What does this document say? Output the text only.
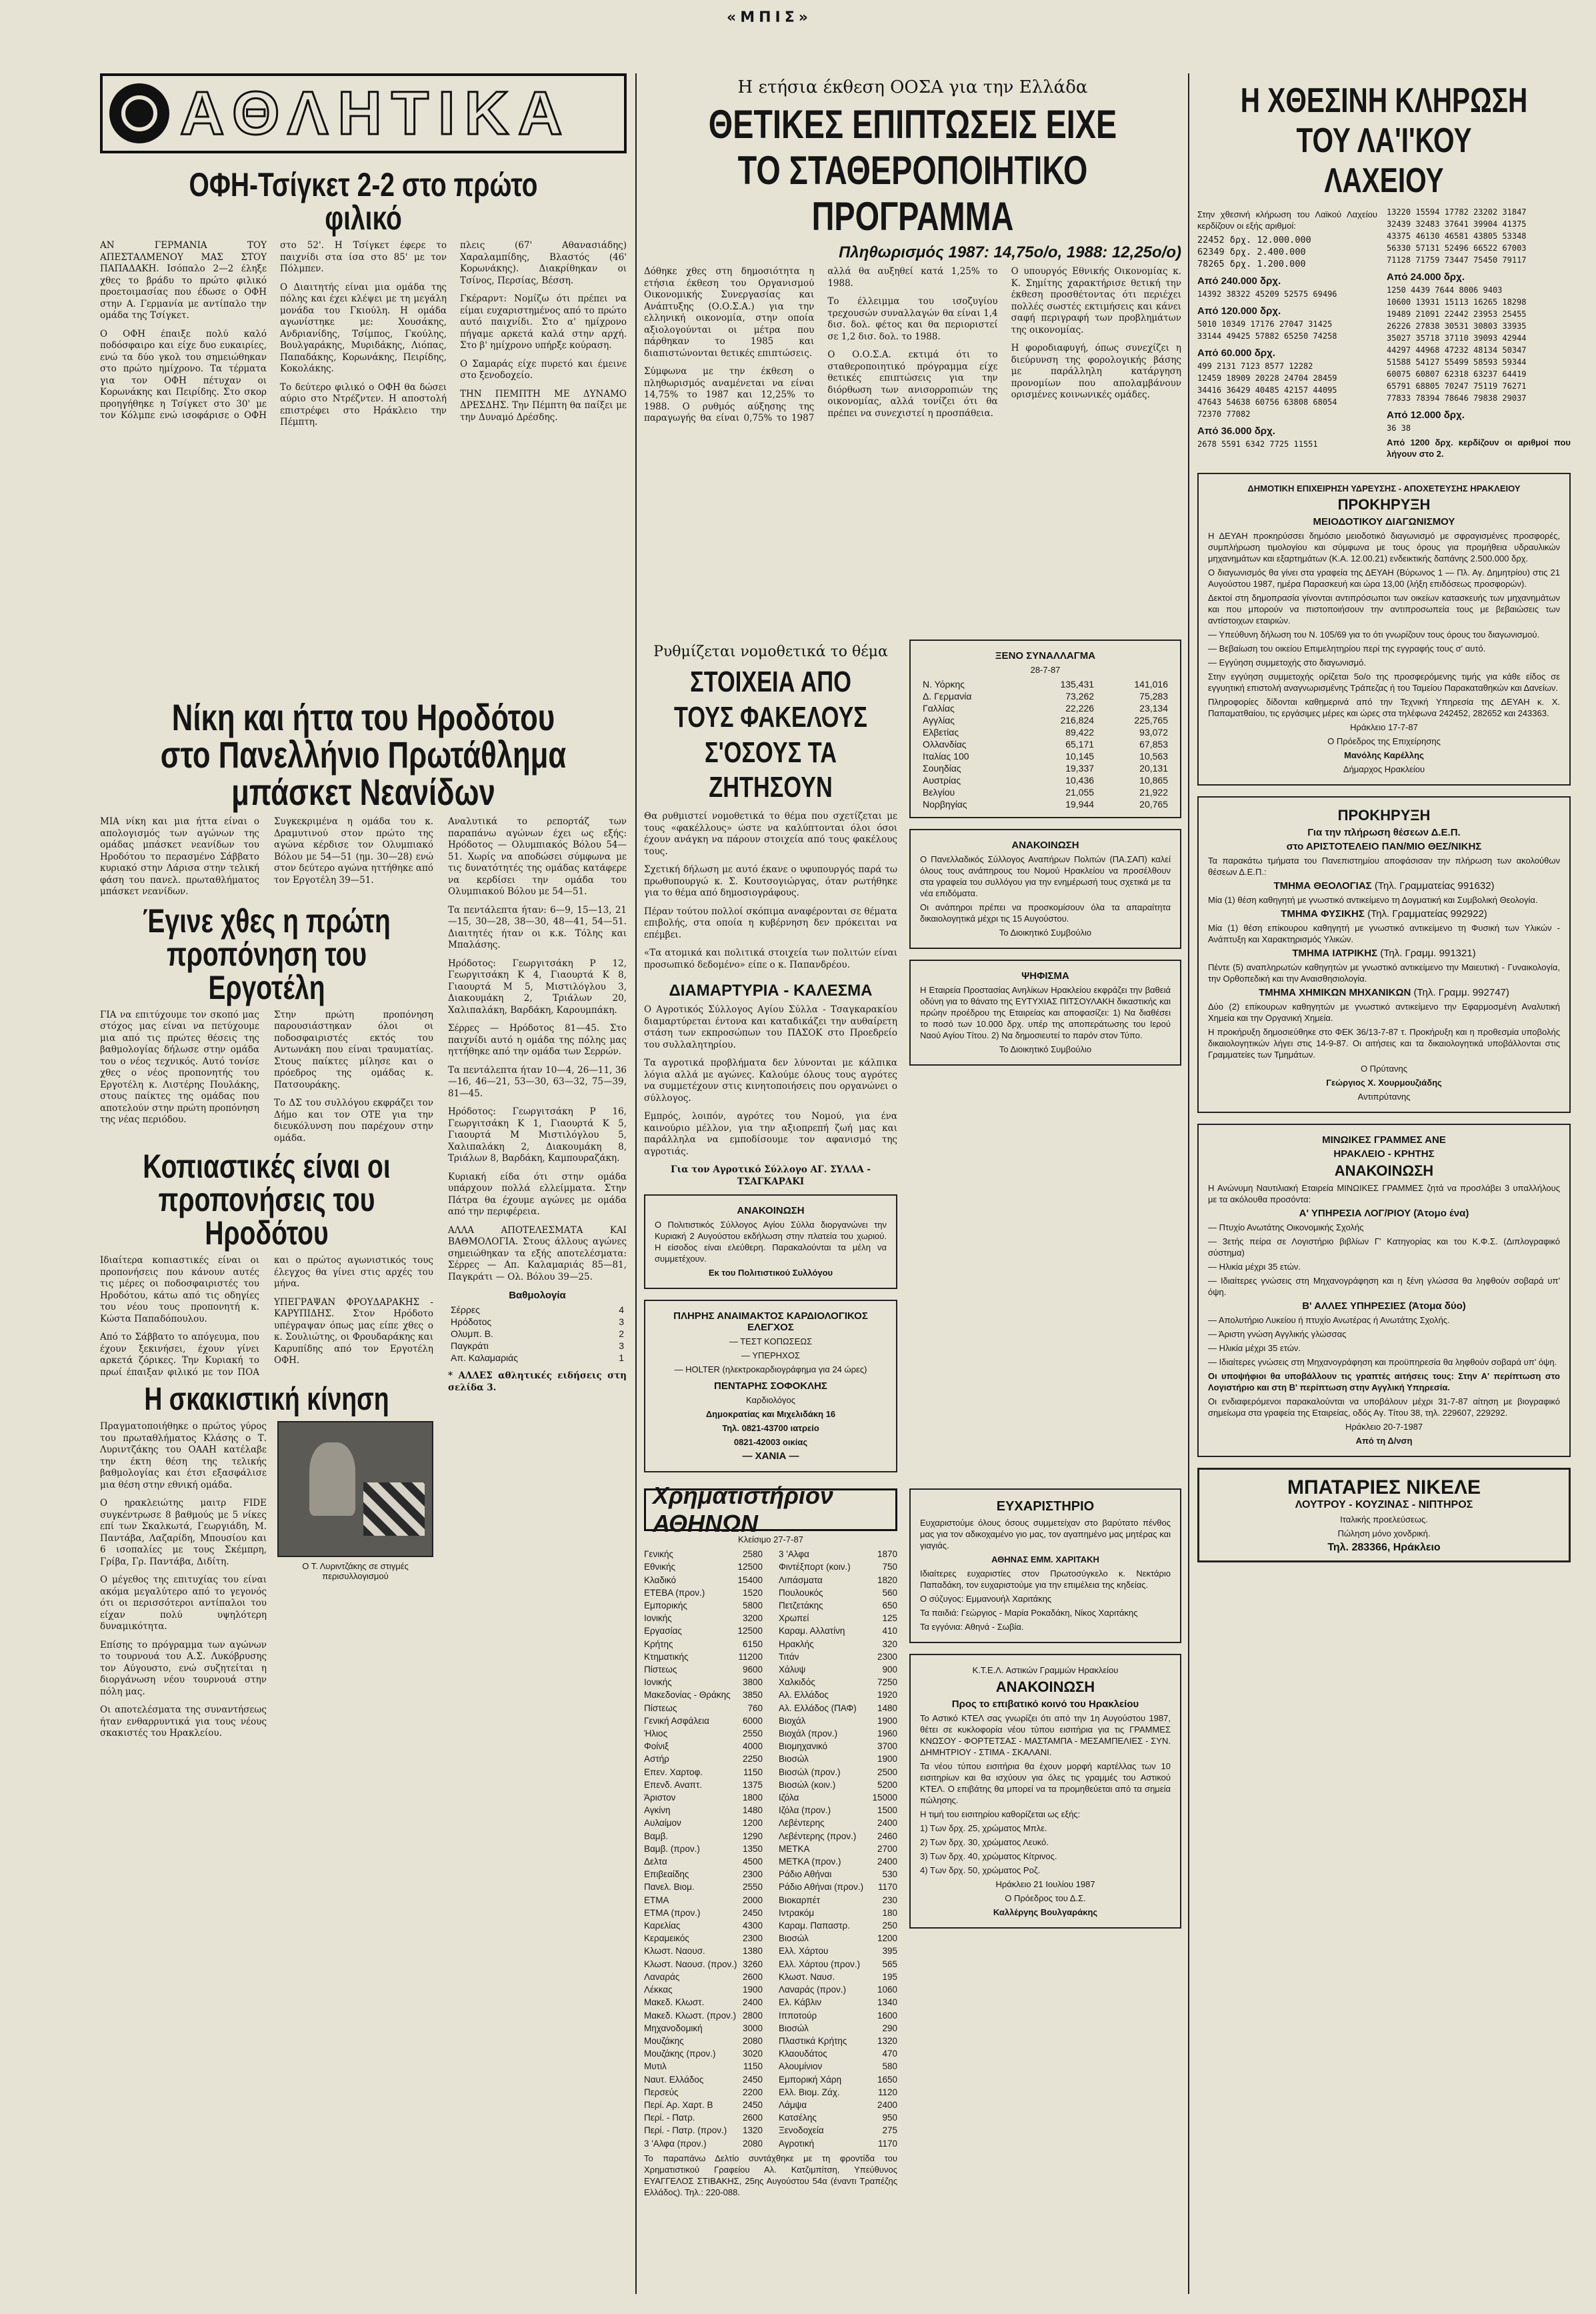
«ΜΠΙΣ»
ΑΘΛΗΤΙΚΑ
ΟΦΗ-Τσίγκετ 2-2 στο πρώτο φιλικό

ΑΝ ΓΕΡΜΑΝΙΑ ΤΟΥ ΑΠΕΣΤΑΛΜΕΝΟΥ ΜΑΣ ΣΤΟΥ ΠΑΠΑΔΑΚΗ. Ισόπαλο 2—2 έληξε χθες το βράδυ το πρώτο φιλικό προετοιμασίας που έδωσε ο ΟΦΗ στην Α. Γερμανία με αντίπαλο την ομάδα της Τσίγκετ.

Ο ΟΦΗ έπαιξε πολύ καλό ποδόσφαιρο και είχε δυο ευκαιρίες, ενώ τα δύο γκολ του σημειώθηκαν στο πρώτο ημίχρονο. Τα τέρματα για τον ΟΦΗ πέτυχαν οι Κορωνάκης και Πειρίδης. Στο σκορ προηγήθηκε η Τσίγκετ στο 30' με τον Κόλμπε ενώ ισοφάρισε ο ΟΦΗ στο 52'. Η Τσίγκετ έφερε το παιχνίδι στα ίσα στο 85' με τον Πόλμπεν.

Ο Διαιτητής είναι μια ομάδα της πόλης και έχει κλέψει με τη μεγάλη μονάδα του Γκιούλη. Η ομάδα αγωνίστηκε με: Χουσάκης, Ανδριανίδης, Τσίμπος, Γκούλης, Βουλγαράκης, Μυριδάκης, Λιόπας, Παπαδάκης, Κορωνάκης, Πειρίδης, Κοκολάκης.

Το δεύτερο φιλικό ο ΟΦΗ θα δώσει αύριο στο Ντρέζντεν. Η αποστολή επιστρέφει στο Ηράκλειο την Πέμπτη.

πλεις (67' Αθανασιάδης) Χαραλαμπίδης, Βλαστός (46' Κορωνάκης). Διακρίθηκαν οι Τσίνος, Περσίας, Βέσση.

Γκέραρντ: Νομίζω ότι πρέπει να είμαι ευχαριστημένος από το πρώτο αυτό παιχνίδι. Στο α' ημίχρονο πήγαμε αρκετά καλά στην αρχή. Στο β' ημίχρονο υπήρξε κούραση.

Ο Σαμαράς είχε πυρετό και έμεινε στο ξενοδοχείο.

ΤΗΝ ΠΕΜΠΤΗ ΜΕ ΔΥΝΑΜΟ ΔΡΕΣΔΗΣ. Την Πέμπτη θα παίξει με την Δυναμό Δρέσδης.

Νίκη και ήττα του Ηροδότου στο Πανελλήνιο Πρωτάθλημα μπάσκετ Νεανίδων

ΜΙΑ νίκη και μια ήττα είναι ο απολογισμός των αγώνων της ομάδας μπάσκετ νεανίδων του Ηροδότου το περασμένο Σάββατο κυριακό στην Λάρισα στην τελική φάση του πανελ. πρωταθλήματος μπάσκετ νεανίδων.

Συγκεκριμένα η ομάδα του κ. Δραμυτινού στον πρώτο της αγώνα κέρδισε τον Ολυμπιακό Βόλου με 54—51 (ημ. 30—28) ενώ στον δεύτερο αγώνα ηττήθηκε από τον Εργοτέλη 39—51.

Έγινε χθες η πρώτη προπόνηση του Εργοτέλη

ΓΙΑ να επιτύχουμε τον σκοπό μας στόχος μας είναι να πετύχουμε μια από τις πρώτες θέσεις της βαθμολογίας δήλωσε στην ομάδα του ο νέος τεχνικός. Αυτό τονίσε χθες ο νέος προπονητής του Εργοτέλη κ. Λιστέρης Πουλάκης, στους παίκτες της ομάδας που αποτελούν στην πρώτη προπόνηση της νέας περιόδου.

Στην πρώτη προπόνηση παρουσιάστηκαν όλοι οι ποδοσφαιριστές εκτός του Αντωνάκη που είναι τραυματίας. Στους παίκτες μίλησε και ο πρόεδρος της ομάδας κ. Πατσουράκης.

Το ΔΣ του συλλόγου εκφράζει τον Δήμο και τον ΟΤΕ για την διευκόλυνση που παρέχουν στην ομάδα.

Κοπιαστικές είναι οι προπονήσεις του Ηροδότου

Ιδιαίτερα κοπιαστικές είναι οι προπονήσεις που κάνουν αυτές τις μέρες οι ποδοσφαιριστές του Ηροδότου, κάτω από τις οδηγίες του νέου τους προπονητή κ. Κώστα Παπαδόπουλου.

Από το Σάββατο το απόγευμα, που έχουν ξεκινήσει, έχουν γίνει αρκετά ζόρικες. Την Κυριακή το πρωί έπαιξαν φιλικό με τον ΠΟΑ και ο πρώτος αγωνιστικός τους έλεγχος θα γίνει στις αρχές του μήνα.

ΥΠΕΓΡΑΨΑΝ ΦΡΟΥΔΑΡΑΚΗΣ - ΚΑΡΥΠΙΔΗΣ. Στον Ηρόδοτο υπέγραψαν όπως μας είπε χθες ο κ. Σουλιώτης, οι Φρουδαράκης και Καρυπίδης από τον Εργοτέλη ΟΦΗ.

Η σκακιστική κίνηση

Πραγματοποιήθηκε ο πρώτος γύρος του πρωταθλήματος Κλάσης ο Τ. Λυριντζάκης του ΟΑΑΗ κατέλαβε την έκτη θέση της τελικής βαθμολογίας και έτσι εξασφάλισε μια θέση στην εθνική ομάδα.

Ο ηρακλειώτης μαιτρ FIDE συγκέντρωσε 8 βαθμούς με 5 νίκες επί των Σκαλκωτά, Γεωργιάδη, Μ. Παντάβα, Λαζαρίδη, Μπουσίου και 6 ισοπαλίες με τους Σκέμπρη, Γρίβα, Γρ. Παντάβα, Διδίτη.

Ο μέγεθος της επιτυχίας του είναι ακόμα μεγαλύτερο από το γεγονός ότι οι περισσότεροι αντίπαλοι του είχαν πολύ υψηλότερη δυναμικότητα.

Επίσης το πρόγραμμα των αγώνων το τουρνουά του Α.Σ. Λυκόβρυσης τον Αύγουστο, ενώ συζητείται η διοργάνωση νέου τουρνουά στην πόλη μας.

Οι αποτελέσματα της συναντήσεως ήταν ενθαρρυντικά για τους νέους σκακιστές του Ηρακλείου.

Ο Τ. Λυριντζάκης σε στιγμές περισυλλογισμού

Αναλυτικά το ρεπορτάζ των παραπάνω αγώνων έχει ως εξής: Ηρόδοτος — Ολυμπιακός Βόλου 54—51. Χωρίς να αποδώσει σύμφωνα με τις δυνατότητές της ομάδας κατάφερε να κερδίσει την ομάδα του Ολυμπιακού Βόλου με 54—51.

Τα πεντάλεπτα ήταν: 6—9, 15—13, 21—15, 30—28, 38—30, 48—41, 54—51. Διαιτητές ήταν οι κ.κ. Τόλης και Μπαλάσης.

Ηρόδοτος: Γεωργιτσάκη Ρ 12, Γεωργιτσάκη Κ 4, Γιαουρτά Κ 8, Γιαουρτά Μ 5, Μιστιλόγλου 3, Διακουμάκη 2, Τριάλων 20, Χαλιπαλάκη, Βαρδάκη, Καρουμπάκη.

Σέρρες — Ηρόδοτος 81—45. Στο παιχνίδι αυτό η ομάδα της πόλης μας ηττήθηκε από την ομάδα των Σερρών.

Τα πεντάλεπτα ήταν 10—4, 26—11, 36—16, 46—21, 53—30, 63—32, 75—39, 81—45.

Ηρόδοτος: Γεωργιτσάκη Ρ 16, Γεωργιτσάκη Κ 1, Γιαουρτά Κ 5, Γιαουρτά Μ Μιστιλόγλου 5, Χαλιπαλάκη 2, Διακουμάκη 8, Τριάλων 8, Βαρδάκη, Καμπουραζάκη.

Κυριακή είδα ότι στην ομάδα υπάρχουν πολλά ελλείμματα. Στην Πάτρα θα έχουμε αγώνες με ομάδα από την περιφέρεια.

ΑΛΛΑ ΑΠΟΤΕΛΕΣΜΑΤΑ ΚΑΙ ΒΑΘΜΟΛΟΓΙΑ. Στους άλλους αγώνες σημειώθηκαν τα εξής αποτελέσματα: Σέρρες — Απ. Καλαμαριάς 85—81, Παγκράτι — Ολ. Βόλου 39—25.

Βαθμολογία
Σέρρες	4
Ηρόδοτος	3
Ολυμπ. Β.	2
Παγκράτι	3
Απ. Καλαμαριάς	1

* ΑΛΛΕΣ αθλητικές ειδήσεις στη σελίδα 3.

Η ετήσια έκθεση ΟΟΣΑ για την Ελλάδα
ΘΕΤΙΚΕΣ ΕΠΙΠΤΩΣΕΙΣ ΕΙΧΕ ΤΟ ΣΤΑΘΕΡΟΠΟΙΗΤΙΚΟ ΠΡΟΓΡΑΜΜΑ
Πληθωρισμός 1987: 14,75ο/ο, 1988: 12,25ο/ο)

Δόθηκε χθες στη δημοσιότητα η ετήσια έκθεση του Οργανισμού Οικονομικής Συνεργασίας και Ανάπτυξης (Ο.Ο.Σ.Α.) για την ελληνική οικονομία, στην οποία αξιολογούνται οι μέτρα που πάρθηκαν το 1985 και διαπιστώνονται θετικές επιπτώσεις.

Σύμφωνα με την έκθεση ο πληθωρισμός αναμένεται να είναι 14,75% το 1987 και 12,25% το 1988. Ο ρυθμός αύξησης της παραγωγής θα είναι 0,75% το 1987 αλλά θα αυξηθεί κατά 1,25% το 1988.

Το έλλειμμα του ισοζυγίου τρεχουσών συναλλαγών θα είναι 1,4 δισ. δολ. φέτος και θα περιοριστεί σε 1,2 δισ. δολ. το 1988.

Ο Ο.Ο.Σ.Α. εκτιμά ότι το σταθεροποιητικό πρόγραμμα είχε θετικές επιπτώσεις για την διόρθωση των ανισορροπιών της οικονομίας, αλλά τονίζει ότι θα πρέπει να συνεχιστεί η προσπάθεια.

Ο υπουργός Εθνικής Οικονομίας κ. Κ. Σημίτης χαρακτήρισε θετική την έκθεση προσθέτοντας ότι περιέχει πολλές σωστές εκτιμήσεις και κάνει σαφή περιγραφή των προβλημάτων της οικονομίας.

Η φοροδιαφυγή, όπως συνεχίζει η διεύρυνση της φορολογικής βάσης με παράλληλη κατάργηση προνομίων που απολαμβάνουν ορισμένες κοινωνικές ομάδες.

Ρυθμίζεται νομοθετικά το θέμα
ΣΤΟΙΧΕΙΑ ΑΠΟ ΤΟΥΣ ΦΑΚΕΛΟΥΣ Σ'ΟΣΟΥΣ ΤΑ ΖΗΤΗΣΟΥΝ

Θα ρυθμιστεί νομοθετικά το θέμα που σχετίζεται με τους «φακέλλους» ώστε να καλύπτονται όλοι όσοι έχουν ανάγκη να πάρουν στοιχεία από τους φακέλους τους.

Σχετική δήλωση με αυτό έκανε ο υφυπουργός παρά τω πρωθυπουργώ κ. Σ. Κουτσογιώργας, όταν ρωτήθηκε για το θέμα από δημοσιογράφους.

Πέραν τούτου πολλοί σκόπιμα αναφέρονται σε θέματα επιβολής, στα οποία η κυβέρνηση δεν πρόκειται να επέμβει.

«Τα ατομικά και πολιτικά στοιχεία των πολιτών είναι προσωπικό δεδομένο» είπε ο κ. Παπανδρέου.

ΔΙΑΜΑΡΤΥΡΙΑ - ΚΑΛΕΣΜΑ

Ο Αγροτικός Σύλλογος Αγίου Σύλλα - Τσαγκαρακίου διαμαρτύρεται έντονα και καταδικάζει την αυθαίρετη στάση των εκπροσώπων του ΠΑΣΟΚ στο Προεδρείο του συλλαλητηρίου.

Τα αγροτικά προβλήματα δεν λύνονται με κάλπικα λόγια αλλά με αγώνες. Καλούμε όλους τους αγρότες να συμμετέχουν στις κινητοποιήσεις που οργανώνει ο σύλλογος.

Εμπρός, λοιπόν, αγρότες του Νομού, για ένα καινούριο μέλλον, για την αξιοπρεπή ζωή μας και παράλληλα να εμποδίσουμε τον αφανισμό της αγροτιάς.

Για τον Αγροτικό Σύλλογο ΑΓ. ΣΥΛΛΑ - ΤΣΑΓΚΑΡΑΚΙ

ΑΝΑΚΟΙΝΩΣΗ

Ο Πολιτιστικός Σύλλογος Αγίου Σύλλα διοργανώνει την Κυριακή 2 Αυγούστου εκδήλωση στην πλατεία του χωριού. Η είσοδος είναι ελεύθερη. Παρακαλούνται τα μέλη να συμμετέχουν.

Εκ του Πολιτιστικού Συλλόγου

ΠΛΗΡΗΣ ΑΝΑΙΜΑΚΤΟΣ ΚΑΡΔΙΟΛΟΓΙΚΟΣ ΕΛΕΓΧΟΣ
— ΤΕΣΤ ΚΟΠΩΣΕΩΣ
— ΥΠΕΡΗΧΟΣ
— HOLTER (ηλεκτροκαρδιογράφημα για 24 ώρες)
ΠΕΝΤΑΡΗΣ ΣΟΦΟΚΛΗΣ
Καρδιολόγος
Δημοκρατίας και Μιχελιδάκη 16
Τηλ. 0821-43700 ιατρείο
0821-42003 οικίας
— ΧΑΝΙΑ —
ΞΕΝΟ ΣΥΝΑΛΛΑΓΜΑ
28-7-87
Ν. Υόρκης	135,431	141,016
Δ. Γερμανία	73,262	75,283
Γαλλίας	22,226	23,134
Αγγλίας	216,824	225,765
Ελβετίας	89,422	93,072
Ολλανδίας	65,171	67,853
Ιταλίας 100	10,145	10,563
Σουηδίας	19,337	20,131
Αυστρίας	10,436	10,865
Βελγίου	21,055	21,922
Νορβηγίας	19,944	20,765
ΑΝΑΚΟΙΝΩΣΗ

Ο Πανελλαδικός Σύλλογος Αναπήρων Πολιτών (ΠΑ.ΣΑΠ) καλεί όλους τους ανάπηρους του Νομού Ηρακλείου να προσέλθουν στα γραφεία του συλλόγου για την ενημέρωσή τους σχετικά με τα νέα επιδόματα.

Οι ανάπηροι πρέπει να προσκομίσουν όλα τα απαραίτητα δικαιολογητικά μέχρι τις 15 Αυγούστου.

Το Διοικητικό Συμβούλιο

ΨΗΦΙΣΜΑ

Η Εταιρεία Προστασίας Ανηλίκων Ηρακλείου εκφράζει την βαθειά οδύνη για το θάνατο της ΕΥΤΥΧΙΑΣ ΠΙΤΣΟΥΛΑΚΗ δικαστικής και πρώην προέδρου της Εταιρείας και αποφασίζει: 1) Να διαθέσει το ποσό των 10.000 δρχ. υπέρ της αποπεράτωσης του Ιερού Ναού Αγίου Τίτου. 2) Να δημοσιευτεί το παρόν στον Τύπο.

Το Διοικητικό Συμβούλιο

Χρηματιστήριον ΑΘΗΝΩΝ
Κλείσιμο 27-7-87
Γενικής	2580
Εθνικής	12500
Κλαδικό	15400
ΕΤΕΒΑ (προν.)	1520
Εμπορικής	5800
Ιονικής	3200
Εργασίας	12500
Κρήτης	6150
Κτηματικής	11200
Πίστεως	9600
Ιονικής	3800
Μακεδονίας - Θράκης 3850
Πίστεως	760
Γενική Ασφάλεια	6000
Ήλιος	2550
Φοίνιξ	4000
Αστήρ	2250
Επεν. Χαρτοφ.	1150
Επενδ. Αναπτ.	1375
Άριστον	1800
Αγκίνη	1480
Αυλαίμον	1200
Βαμβ.	1290
Βαμβ. (προν.)	1350
Δελτα	4500
Επιβεαίδης	2300
Πανελ. Βιομ.	2550
ΕΤΜΑ	2000
ΕΤΜΑ (προν.)	2450
Καρελίας	4300
Κεραμεικός	2300
Κλωστ. Ναουσ.	1380
Κλωστ. Ναουσ. (προν.) 3260
Λαναράς	2600
Λέκκας	1900
Μακεδ. Κλωστ.	2400
Μακεδ. Κλωστ. (προν.) 2800
Μηχανοδομική	3000
Μουζάκης	2080
Μουζάκης (προν.)	3020
Μυτιλ	1150
Ναυτ. Ελλάδος	2450
Περσεύς	2200
Περί. Αρ. Χαρτ. Β	2450
Περί. - Πατρ.	2600
Περί. - Πατρ. (προν.) 1320
3 'Αλφα (προν.)	2080
3 'Αλφα	1870
Φιντέξπορτ (κοιν.)	750
Λιπάσματα	1820
Πουλουκός	560
Πετζετάκης	650
Χρωπεί	125
Καραμ. Αλλατίνη	410
Ηρακλής	320
Τιτάν	2300
Χάλυψ	900
Χαλκιδός	7250
Αλ. Ελλάδος	1920
Αλ. Ελλάδος (ΠΑΦ) 1480
Βιοχάλ	1900
Βιοχάλ (προν.)	1960
Βιομηχανικό	3700
Βιοσώλ	1900
Βιοσώλ (προν.)	2500
Βιοσώλ (κοιν.)	5200
Ιζόλα	15000
Ιζόλα (προν.)	1500
Λεβέντερης	2400
Λεβέντερης (προν.) 2460
ΜΕΤΚΑ	2700
ΜΕΤΚΑ (προν.)	2400
Ράδιο Αθήναι	530
Ράδιο Αθήναι (προν.) 1170
Βιοκαρπέτ	230
Ιντρακόμ	180
Καραμ. Παπαστρ.	250
Βιοσώλ	1200
Ελλ. Χάρτου	395
Ελλ. Χάρτου (προν.) 565
Κλωστ. Ναυσ.	195
Λαναράς (προν.)	1060
Ελ. Κάβλιν	1340
Ιπποτούρ	1600
Βιοσώλ	290
Πλαστικά Κρήτης	1320
Κλαουδάτος	470
Αλουμίνιον	580
Εμπορική Χάρη	1650
Ελλ. Βιομ. Ζάχ.	1120
Λάμψα	2400
Κατσέλης	950
Ξενοδοχεία	275
Αγροτική	1170

Το παραπάνω Δελτίο συντάχθηκε με τη φροντίδα του Χρηματιστικού Γραφείου Αλ. Κατζιμπίτση, Υπεύθυνος ΕΥΑΓΓΕΛΟΣ ΣΤΙΒΑΚΗΣ, 25ης Αυγούστου 54α (έναντι Τραπέζης Ελλάδος). Τηλ.: 220-088.

ΕΥΧΑΡΙΣΤΗΡΙΟ

Ευχαριστούμε όλους όσους συμμετείχαν στο βαρύτατο πένθος μας για τον αδικοχαμένο γιο μας, τον αγαπημένο μας μητέρας και γιαγιάς.

ΑΘΗΝΑΣ ΕΜΜ. ΧΑΡΙΤΑΚΗ

Ιδιαίτερες ευχαριστίες στον Πρωτοσύγκελο κ. Νεκτάριο Παπαδάκη, τον ευχαριστούμε για την επιμέλεια της κηδείας.

Ο σύζυγος: Εμμανουήλ Χαριτάκης

Τα παιδιά: Γεώργιος - Μαρία Ροκαδάκη, Νίκος Χαριτάκης

Τα εγγόνια: Αθηνά - Σωβία.

Κ.Τ.Ε.Λ. Αστικών Γραμμών Ηρακλείου
ΑΝΑΚΟΙΝΩΣΗ
Προς το επιβατικό κοινό του Ηρακλείου

Το Αστικό ΚΤΕΛ σας γνωρίζει ότι από την 1η Αυγούστου 1987, θέτει σε κυκλοφορία νέου τύπου εισιτήρια για τις ΓΡΑΜΜΕΣ ΚΝΩΣΟΥ - ΦΟΡΤΕΤΣΑΣ - ΜΑΣΤΑΜΠΑ - ΜΕΣΑΜΠΕΛΙΕΣ - ΣΥΝ. ΔΗΜΗΤΡΙΟΥ - ΣΤΙΜΑ - ΣΚΑΛΑΝΙ.

Τα νέου τύπου εισιτήρια θα έχουν μορφή καρτέλλας των 10 εισιτηρίων και θα ισχύουν για όλες τις γραμμές του Αστικού ΚΤΕΛ. Ο επιβάτης θα μπορεί να τα προμηθεύεται από τα σημεία πώλησης.

Η τιμή του εισιτηρίου καθορίζεται ως εξής:

1) Των δρχ. 25, χρώματος Μπλε.

2) Των δρχ. 30, χρώματος Λευκό.

3) Των δρχ. 40, χρώματος Κίτρινος.

4) Των δρχ. 50, χρώματος Ροζ.

Ηράκλειο 21 Ιουλίου 1987

Ο Πρόεδρος του Δ.Σ.

Καλλέργης Βουλγαράκης

Η ΧΘΕΣΙΝΗ ΚΛΗΡΩΣΗ ΤΟΥ ΛΑ'Ι'ΚΟΥ ΛΑΧΕΙΟΥ

Στην χθεσινή κλήρωση του Λαϊκού Λαχείου κερδίζουν οι εξής αριθμοί:

22452 δρχ. 12.000.000
62349 δρχ. 2.400.000
78265 δρχ. 1.200.000
Από 240.000 δρχ.
14392 38322 45209 52575 69496
Από 120.000 δρχ.
5010 10349 17176 27047 31425
33144 49425 57882 65250 74258
Από 60.000 δρχ.
499 2131 7123 8577 12282
12459 18909 20228 24704 28459
34416 36429 40485 42157 44095
47643 54638 60756 63808 68054
72370 77082
Από 36.000 δρχ.
2678 5591 6342 7725 11551
13220 15594 17782 23202 31847
32439 32483 37641 39904 41375
43375 46130 46581 43805 53348
56330 57131 52496 66522 67003
71128 71759 73447 75450 79117
Από 24.000 δρχ.
1250 4439 7644 8006 9403
10600 13931 15113 16265 18298
19489 21091 22442 23953 25455
26226 27838 30531 30803 33935
35027 35718 37110 39093 42944
44297 44968 47232 48134 50347
51588 54127 55499 58593 59344
60075 60807 62318 63237 64419
65791 68805 70247 75119 76271
77833 78394 78646 79838 29037
Από 12.000 δρχ.
36 38

Από 1200 δρχ. κερδίζουν οι αριθμοί που λήγουν στο 2.

ΔΗΜΟΤΙΚΗ ΕΠΙΧΕΙΡΗΣΗ ΥΔΡΕΥΣΗΣ - ΑΠΟΧΕΤΕΥΣΗΣ ΗΡΑΚΛΕΙΟΥ
ΠΡΟΚΗΡΥΞΗ
ΜΕΙΟΔΟΤΙΚΟΥ ΔΙΑΓΩΝΙΣΜΟΥ

Η ΔΕΥΑΗ προκηρύσσει δημόσιο μειοδοτικό διαγωνισμό με σφραγισμένες προσφορές, συμπλήρωση τιμολογίου και σύμφωνα με τους όρους για προμήθεια υδραυλικών μηχανημάτων και εξαρτημάτων (Κ.Α. 12.00.21) ενδεικτικής δαπάνης 2.500.000 δρχ.

Ο διαγωνισμός θα γίνει στα γραφεία της ΔΕΥΑΗ (Βύρωνος 1 — Πλ. Αγ. Δημητρίου) στις 21 Αυγούστου 1987, ημέρα Παρασκευή και ώρα 13,00 (λήξη επιδόσεως προσφορών).

Δεκτοί στη δημοπρασία γίνονται αντιπρόσωποι των οικείων κατασκευής των μηχανημάτων και που μπορούν να πιστοποιήσουν την αντιπροσωπεία τους με βεβαιώσεις των αντίστοιχων εταιριών.

— Υπεύθυνη δήλωση του Ν. 105/69 για το ότι γνωρίζουν τους όρους του διαγωνισμού.

— Βεβαίωση του οικείου Επιμελητηρίου περί της εγγραφής τους σ' αυτό.

— Εγγύηση συμμετοχής στο διαγωνισμό.

Στην εγγύηση συμμετοχής ορίζεται 5ο/ο της προσφερόμενης τιμής για κάθε είδος σε εγγυητική επιστολή αναγνωρισμένης Τράπεζας ή του Ταμείου Παρακαταθηκών και Δανείων.

Πληροφορίες δίδονται καθημερινά από την Τεχνική Υπηρεσία της ΔΕΥΑΗ κ. Χ. Παπαματθαίου, τις εργάσιμες μέρες και ώρες στα τηλέφωνα 242452, 282652 και 243363.

Ηράκλειο 17-7-87

Ο Πρόεδρος της Επιχείρησης

Μανόλης Καρέλλης

Δήμαρχος Ηρακλείου

ΠΡΟΚΗΡΥΞΗ
Για την πλήρωση θέσεων Δ.Ε.Π.
στο ΑΡΙΣΤΟΤΕΛΕΙΟ ΠΑΝ/ΜΙΟ ΘΕΣ/ΝΙΚΗΣ

Τα παρακάτω τμήματα του Πανεπιστημίου αποφάσισαν την πλήρωση των ακολούθων θέσεων Δ.Ε.Π.:

ΤΜΗΜΑ ΘΕΟΛΟΓΙΑΣ (Τηλ. Γραμματείας 991632)

Μία (1) θέση καθηγητή με γνωστικό αντικείμενο τη Δογματική και Συμβολική Θεολογία.

ΤΜΗΜΑ ΦΥΣΙΚΗΣ (Τηλ. Γραμματείας 992922)

Μία (1) θέση επίκουρου καθηγητή με γνωστικό αντικείμενο τη Φυσική των Υλικών - Ανάπτυξη και Χαρακτηρισμός Υλικών.

ΤΜΗΜΑ ΙΑΤΡΙΚΗΣ (Τηλ. Γραμμ. 991321)

Πέντε (5) αναπληρωτών καθηγητών με γνωστικό αντικείμενο την Μαιευτική - Γυναικολογία, την Ορθοπεδική και την Αναισθησιολογία.

ΤΜΗΜΑ ΧΗΜΙΚΩΝ ΜΗΧΑΝΙΚΩΝ (Τηλ. Γραμμ. 992747)

Δύο (2) επίκουρων καθηγητών με γνωστικό αντικείμενο την Εφαρμοσμένη Αναλυτική Χημεία και την Οργανική Χημεία.

Η προκήρυξη δημοσιεύθηκε στο ΦΕΚ 36/13-7-87 τ. Προκήρυξη και η προθεσμία υποβολής δικαιολογητικών λήγει στις 14-9-87. Οι αιτήσεις και τα δικαιολογητικά υποβάλλονται στις Γραμματείες των Τμημάτων.

Ο Πρύτανης

Γεώργιος Χ. Χουρμουζιάδης

Αντιπρύτανης

ΜΙΝΩΙΚΕΣ ΓΡΑΜΜΕΣ ΑΝΕ
ΗΡΑΚΛΕΙΟ - ΚΡΗΤΗΣ
ΑΝΑΚΟΙΝΩΣΗ

Η Ανώνυμη Ναυτιλιακή Εταιρεία ΜΙΝΩΙΚΕΣ ΓΡΑΜΜΕΣ ζητά να προσλάβει 3 υπαλλήλους με τα ακόλουθα προσόντα:

Α' ΥΠΗΡΕΣΙΑ ΛΟΓ/ΡΙΟΥ (Άτομο ένα)

— Πτυχίο Ανωτάτης Οικονομικής Σχολής

— 3ετής πείρα σε Λογιστήριο βιβλίων Γ' Κατηγορίας και του Κ.Φ.Σ. (Διπλογραφικό σύστημα)

— Ηλικία μέχρι 35 ετών.

— Ιδιαίτερες γνώσεις στη Μηχανογράφηση και η ξένη γλώσσα θα ληφθούν σοβαρά υπ' όψη.

Β' ΑΛΛΕΣ ΥΠΗΡΕΣΙΕΣ (Άτομα δύο)

— Απολυτήριο Λυκείου ή πτυχίο Ανωτέρας ή Ανωτάτης Σχολής.

— Άριστη γνώση Αγγλικής γλώσσας

— Ηλικία μέχρι 35 ετών.

— Ιδιαίτερες γνώσεις στη Μηχανογράφηση και προϋπηρεσία θα ληφθούν σοβαρά υπ' όψη.

Οι υποψήφιοι θα υποβάλλουν τις γραπτές αιτήσεις τους: Στην Α' περίπτωση στο Λογιστήριο και στη Β' περίπτωση στην Αγγλική Υπηρεσία.

Οι ενδιαφερόμενοι παρακαλούνται να υποβάλουν μέχρι 31-7-87 αίτηση με βιογραφικό σημείωμα στα γραφεία της Εταιρείας, οδός Αγ. Τίτου 38, τηλ. 229607, 229292.

Ηράκλειο 20-7-1987

Από τη Δ/νση

ΜΠΑΤΑΡΙΕΣ ΝΙΚΕΛΕ
ΛΟΥΤΡΟΥ - ΚΟΥΖΙΝΑΣ - ΝΙΠΤΗΡΟΣ
Ιταλικής προελεύσεως.
Πώληση μόνο χονδρική.
Τηλ. 283366, Ηράκλειο
